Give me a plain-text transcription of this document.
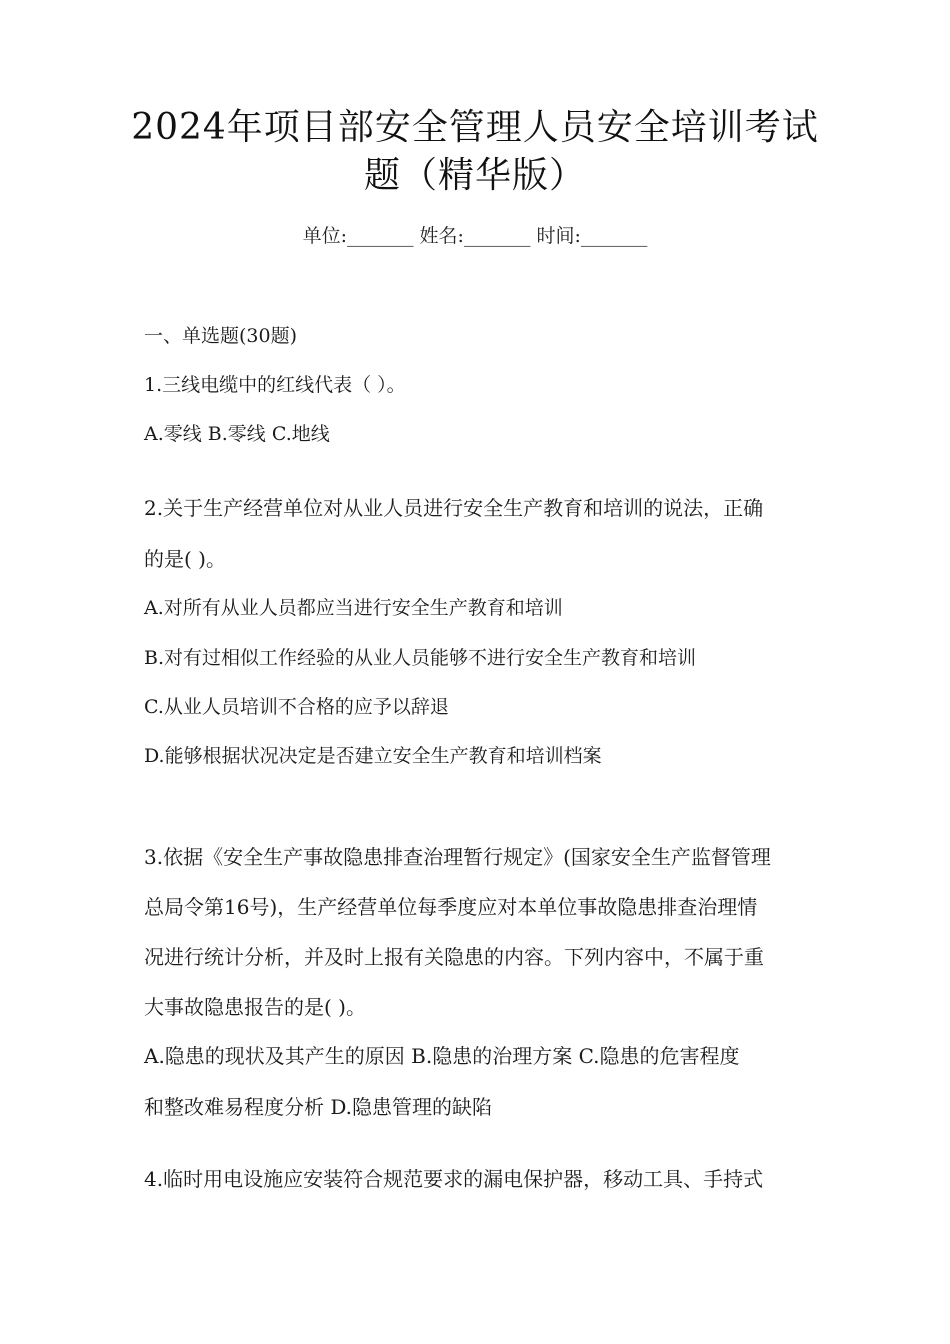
2024年项目部安全管理人员安全培训考试
题（精华版）
单位:_______ 姓名:_______ 时间:_______
一、单选题(30题)
1.三线电缆中的红线代表（ ）。
A.零线 B.零线 C.地线
2.关于生产经营单位对从业人员进行安全生产教育和培训的说法，正确
的是( )。
A.对所有从业人员都应当进行安全生产教育和培训
B.对有过相似工作经验的从业人员能够不进行安全生产教育和培训
C.从业人员培训不合格的应予以辞退
D.能够根据状况决定是否建立安全生产教育和培训档案
3.依据《安全生产事故隐患排查治理暂行规定》(国家安全生产监督管理
总局令第16号)，生产经营单位每季度应对本单位事故隐患排查治理情
况进行统计分析，并及时上报有关隐患的内容。下列内容中，不属于重
大事故隐患报告的是( )。
A.隐患的现状及其产生的原因 B.隐患的治理方案 C.隐患的危害程度
和整改难易程度分析 D.隐患管理的缺陷
4.临时用电设施应安装符合规范要求的漏电保护器，移动工具、手持式
